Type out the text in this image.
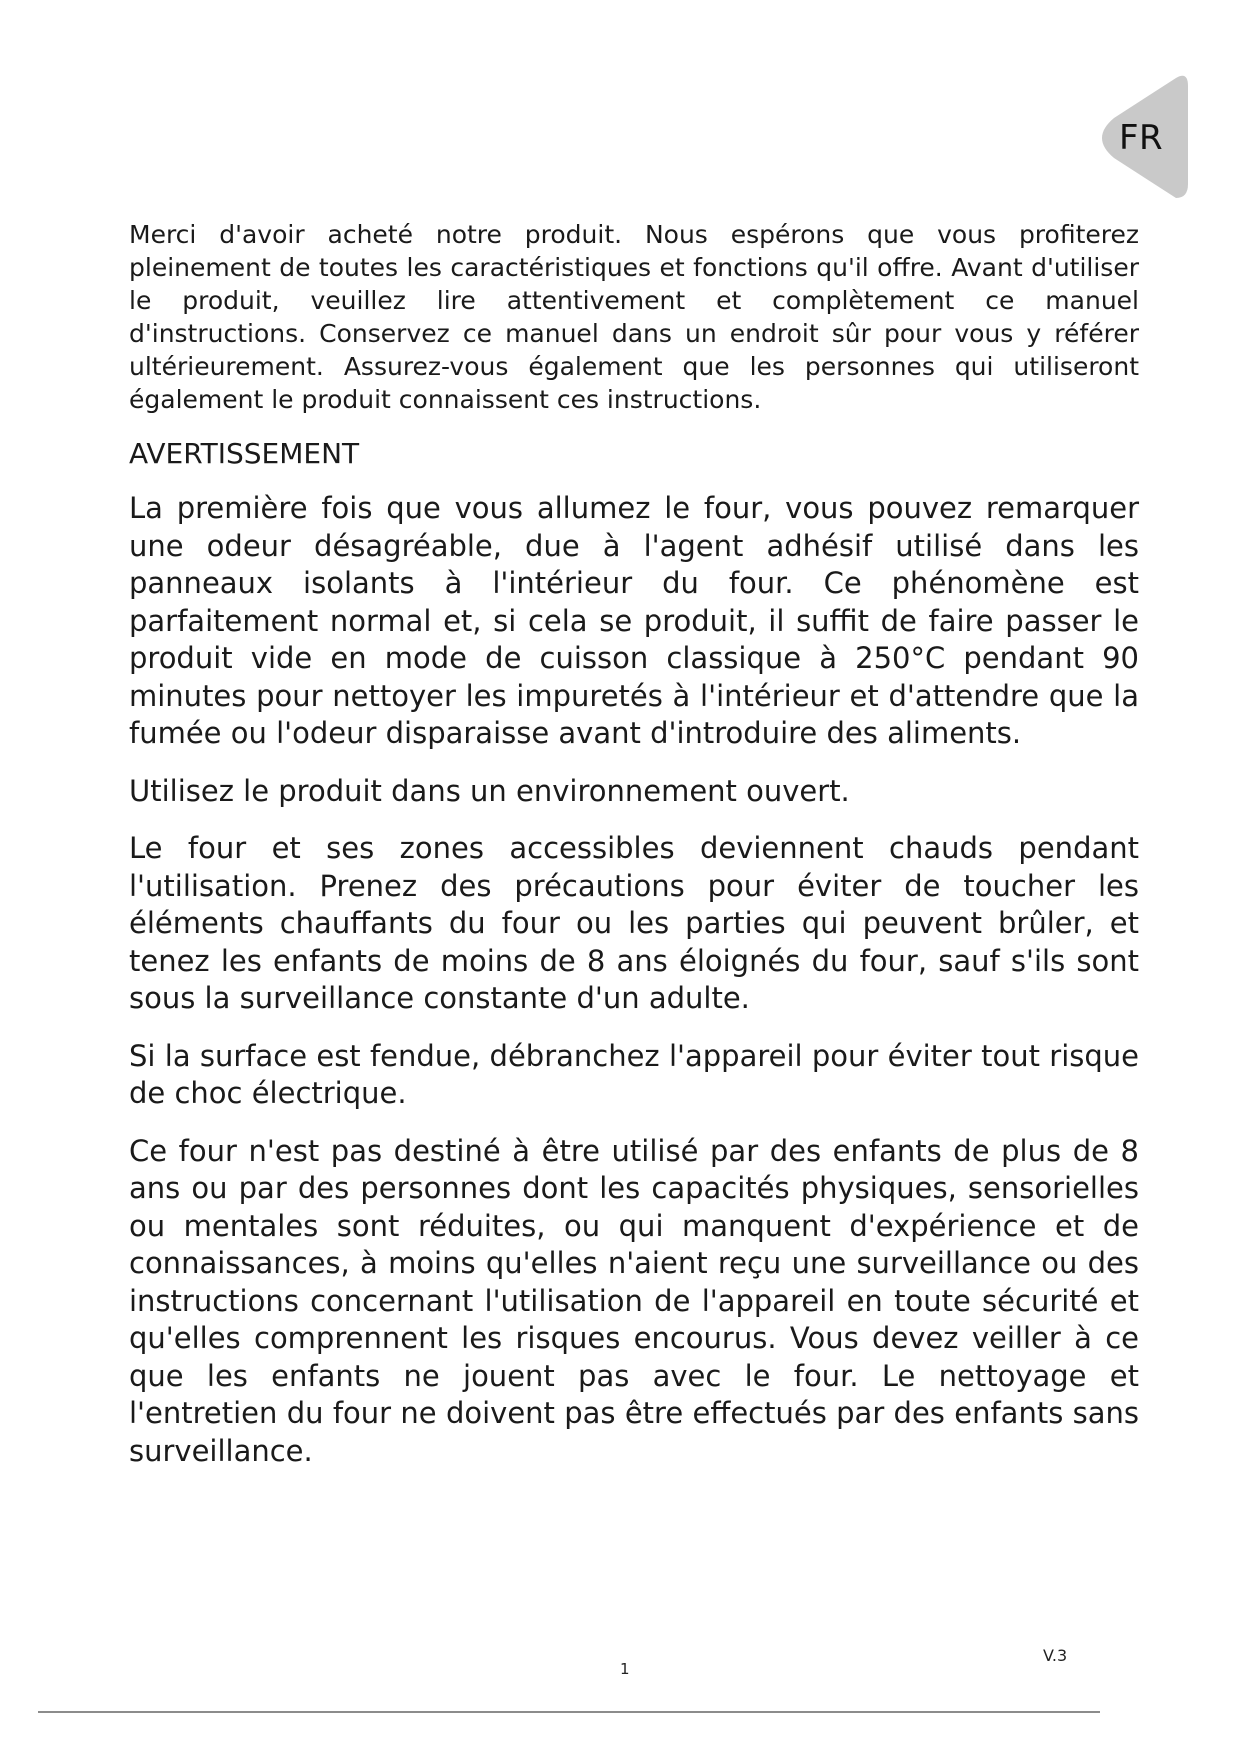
FR

Merci d'avoir acheté notre produit. Nous espérons que vous profiterez pleinement de toutes les caractéristiques et fonctions qu'il offre. Avant d'utiliser le produit, veuillez lire attentivement et complètement ce manuel d'instructions. Conservez ce manuel dans un endroit sûr pour vous y référer ultérieurement. Assurez-vous également que les personnes qui utiliseront également le produit connaissent ces instructions.

AVERTISSEMENT

La première fois que vous allumez le four, vous pouvez remarquer une odeur désagréable, due à l'agent adhésif utilisé dans les panneaux isolants à l'intérieur du four. Ce phénomène est parfaitement normal et, si cela se produit, il suffit de faire passer le produit vide en mode de cuisson classique à 250°C pendant 90 minutes pour nettoyer les impuretés à l'intérieur et d'attendre que la fumée ou l'odeur disparaisse avant d'introduire des aliments.

Utilisez le produit dans un environnement ouvert.

Le four et ses zones accessibles deviennent chauds pendant l'utilisation. Prenez des précautions pour éviter de toucher les éléments chauffants du four ou les parties qui peuvent brûler, et tenez les enfants de moins de 8 ans éloignés du four, sauf s'ils sont sous la surveillance constante d'un adulte.

Si la surface est fendue, débranchez l'appareil pour éviter tout risque de choc électrique.

Ce four n'est pas destiné à être utilisé par des enfants de plus de 8 ans ou par des personnes dont les capacités physiques, sensorielles ou mentales sont réduites, ou qui manquent d'expérience et de connaissances, à moins qu'elles n'aient reçu une surveillance ou des instructions concernant l'utilisation de l'appareil en toute sécurité et qu'elles comprennent les risques encourus. Vous devez veiller à ce que les enfants ne jouent pas avec le four. Le nettoyage et l'entretien du four ne doivent pas être effectués par des enfants sans surveillance.

1
V.3
